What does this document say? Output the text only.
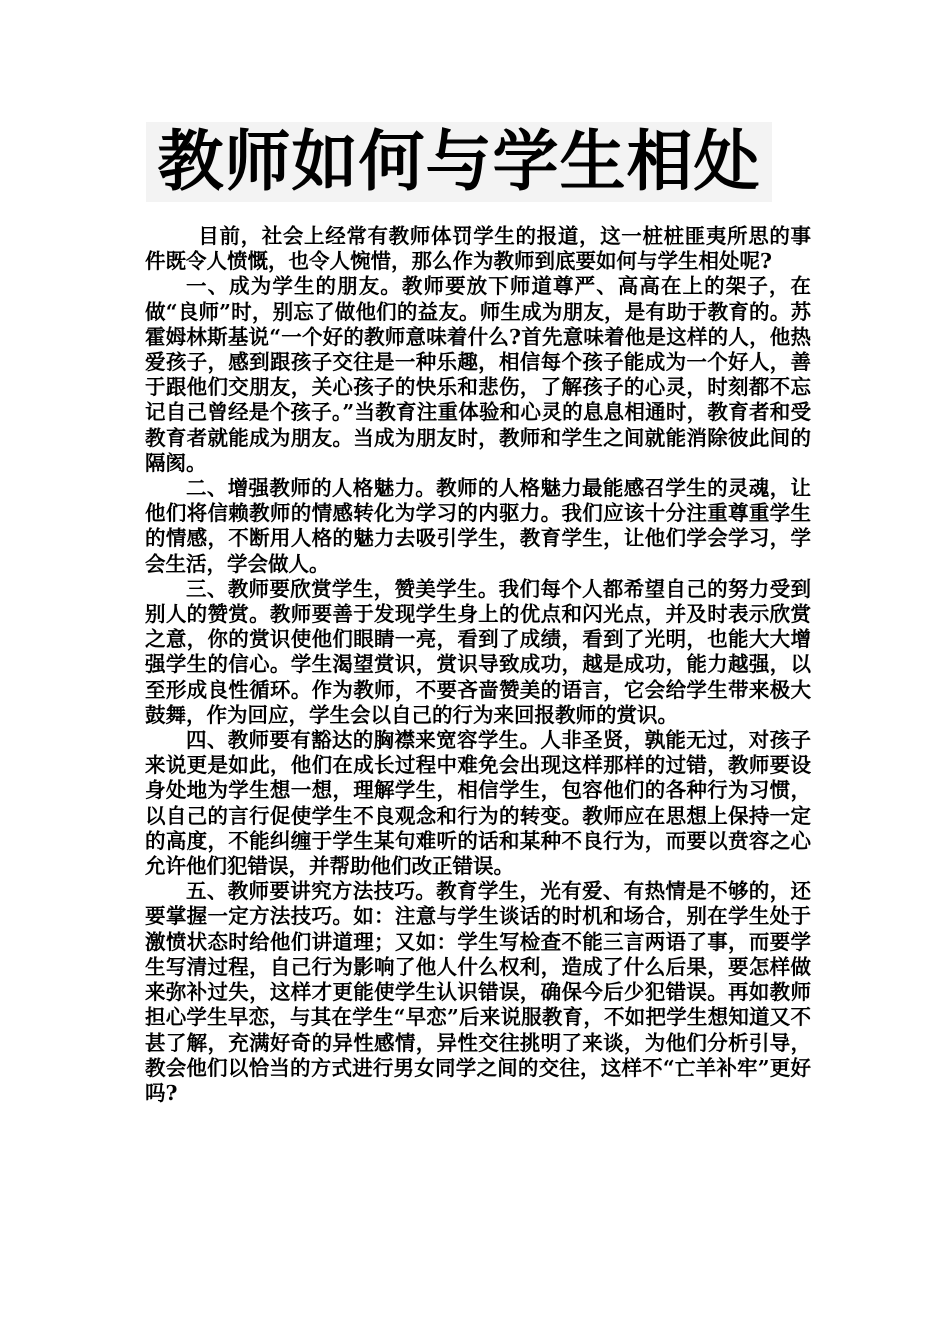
教师如何与学生相处

目前，社会上经常有教师体罚学生的报道，这一桩桩匪夷所思的事件既令人愤慨，也令人惋惜，那么作为教师到底要如何与学生相处呢?

一、成为学生的朋友。教师要放下师道尊严、高高在上的架子，在做“良师”时，别忘了做他们的益友。师生成为朋友，是有助于教育的。苏霍姆林斯基说“一个好的教师意味着什么?首先意味着他是这样的人，他热爱孩子，感到跟孩子交往是一种乐趣，相信每个孩子能成为一个好人，善于跟他们交朋友，关心孩子的快乐和悲伤，了解孩子的心灵，时刻都不忘记自己曾经是个孩子。”当教育注重体验和心灵的息息相通时，教育者和受教育者就能成为朋友。当成为朋友时，教师和学生之间就能消除彼此间的隔阂。

二、增强教师的人格魅力。教师的人格魅力最能感召学生的灵魂，让他们将信赖教师的情感转化为学习的内驱力。我们应该十分注重尊重学生的情感，不断用人格的魅力去吸引学生，教育学生，让他们学会学习，学会生活，学会做人。

三、教师要欣赏学生，赞美学生。我们每个人都希望自己的努力受到别人的赞赏。教师要善于发现学生身上的优点和闪光点，并及时表示欣赏之意，你的赏识使他们眼睛一亮，看到了成绩，看到了光明，也能大大增强学生的信心。学生渴望赏识，赏识导致成功，越是成功，能力越强，以至形成良性循环。作为教师，不要吝啬赞美的语言，它会给学生带来极大鼓舞，作为回应，学生会以自己的行为来回报教师的赏识。

四、教师要有豁达的胸襟来宽容学生。人非圣贤，孰能无过，对孩子来说更是如此，他们在成长过程中难免会出现这样那样的过错，教师要设身处地为学生想一想，理解学生，相信学生，包容他们的各种行为习惯，以自己的言行促使学生不良观念和行为的转变。教师应在思想上保持一定的高度，不能纠缠于学生某句难听的话和某种不良行为，而要以贲容之心允许他们犯错误，并帮助他们改正错误。

五、教师要讲究方法技巧。教育学生，光有爱、有热情是不够的，还要掌握一定方法技巧。如：注意与学生谈话的时机和场合，别在学生处于激愤状态时给他们讲道理；又如：学生写检查不能三言两语了事，而要学生写清过程，自己行为影响了他人什么权利，造成了什么后果，要怎样做来弥补过失，这样才更能使学生认识错误，确保今后少犯错误。再如教师担心学生早恋，与其在学生“早恋”后来说服教育，不如把学生想知道又不甚了解，充满好奇的异性感情，异性交往挑明了来谈，为他们分析引导，教会他们以恰当的方式进行男女同学之间的交往，这样不“亡羊补牢”更好吗?
